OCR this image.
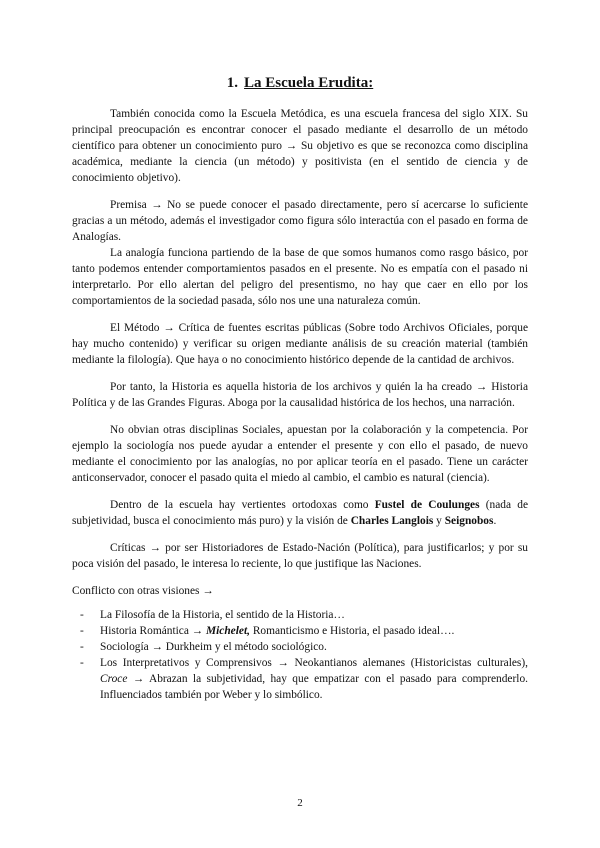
1. La Escuela Erudita:

También conocida como la Escuela Metódica, es una escuela francesa del siglo XIX. Su principal preocupación es encontrar conocer el pasado mediante el desarrollo de un método científico para obtener un conocimiento puro → Su objetivo es que se reconozca como disciplina académica, mediante la ciencia (un método) y positivista (en el sentido de ciencia y de conocimiento objetivo).

Premisa → No se puede conocer el pasado directamente, pero sí acercarse lo suficiente gracias a un método, además el investigador como figura sólo interactúa con el pasado en forma de Analogías.

La analogía funciona partiendo de la base de que somos humanos como rasgo básico, por tanto podemos entender comportamientos pasados en el presente. No es empatía con el pasado ni interpretarlo. Por ello alertan del peligro del presentismo, no hay que caer en ello por los comportamientos de la sociedad pasada, sólo nos une una naturaleza común.

El Método → Crítica de fuentes escritas públicas (Sobre todo Archivos Oficiales, porque hay mucho contenido) y verificar su origen mediante análisis de su creación material (también mediante la filología). Que haya o no conocimiento histórico depende de la cantidad de archivos.

Por tanto, la Historia es aquella historia de los archivos y quién la ha creado → Historia Política y de las Grandes Figuras. Aboga por la causalidad histórica de los hechos, una narración.

No obvian otras disciplinas Sociales, apuestan por la colaboración y la competencia. Por ejemplo la sociología nos puede ayudar a entender el presente y con ello el pasado, de nuevo mediante el conocimiento por las analogías, no por aplicar teoría en el pasado. Tiene un carácter anticonservador, conocer el pasado quita el miedo al cambio, el cambio es natural (ciencia).

Dentro de la escuela hay vertientes ortodoxas como Fustel de Coulunges (nada de subjetividad, busca el conocimiento más puro) y la visión de Charles Langlois y Seignobos.

Críticas → por ser Historiadores de Estado-Nación (Política), para justificarlos; y por su poca visión del pasado, le interesa lo reciente, lo que justifique las Naciones.

Conflicto con otras visiones →

- La Filosofía de la Historia, el sentido de la Historia…
- Historia Romántica → Michelet, Romanticismo e Historia, el pasado ideal….
- Sociología → Durkheim y el método sociológico.
- Los Interpretativos y Comprensivos → Neokantianos alemanes (Historicistas culturales), Croce → Abrazan la subjetividad, hay que empatizar con el pasado para comprenderlo. Influenciados también por Weber y lo simbólico.
2
